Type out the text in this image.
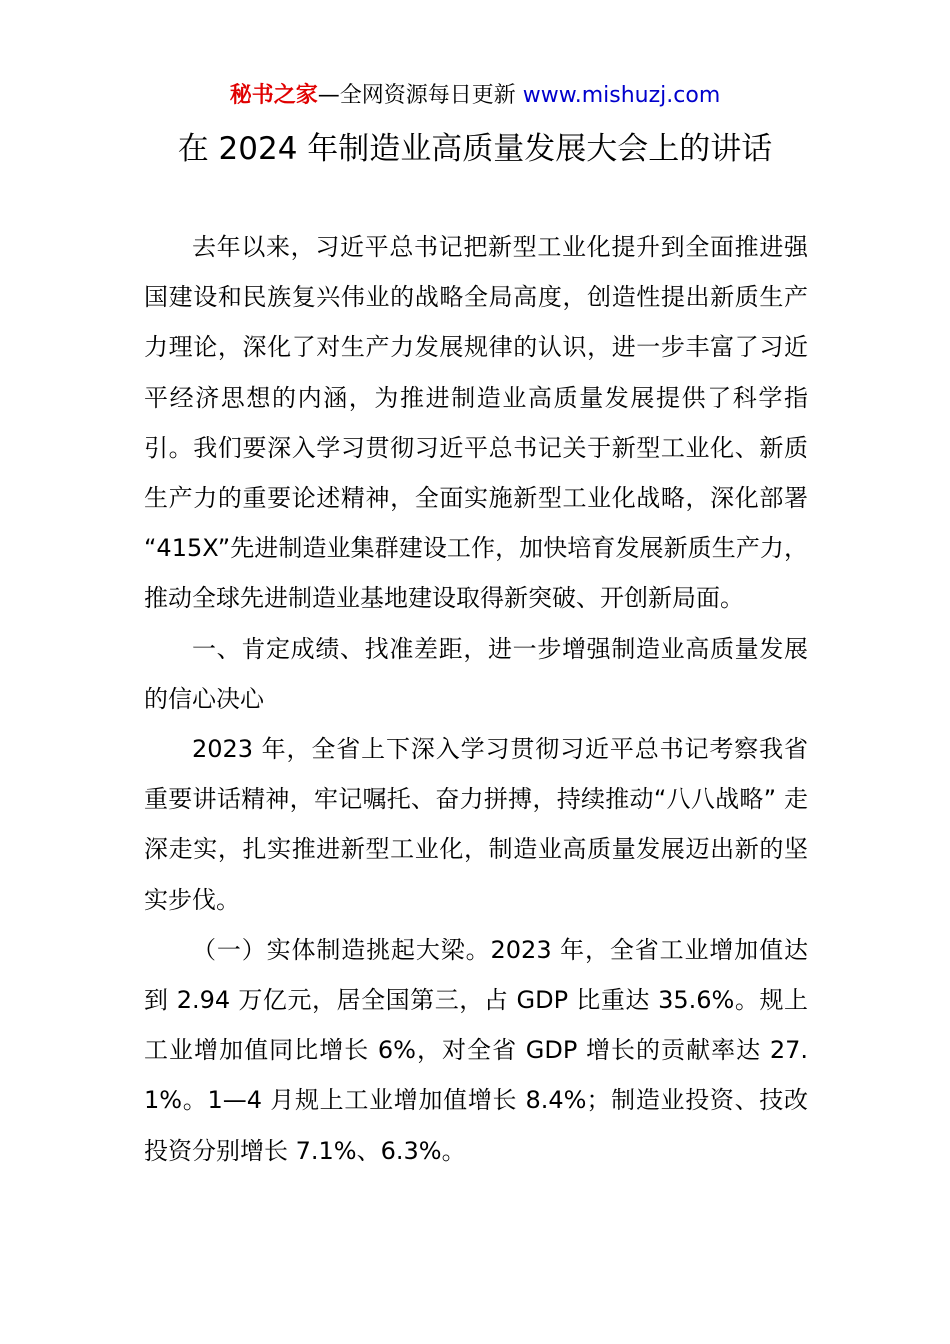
秘书之家—全网资源每日更新 www.mishuzj.com
在 2024 年制造业高质量发展大会上的讲话

去年以来，习近平总书记把新型工业化提升到全面推进强国建设和民族复兴伟业的战略全局高度，创造性提出新质生产力理论，深化了对生产力发展规律的认识，进一步丰富了习近平经济思想的内涵，为推进制造业高质量发展提供了科学指引。我们要深入学习贯彻习近平总书记关于新型工业化、新质生产力的重要论述精神，全面实施新型工业化战略，深化部署 “415X”先进制造业集群建设工作，加快培育发展新质生产力，推动全球先进制造业基地建设取得新突破、开创新局面。

一、肯定成绩、找准差距，进一步增强制造业高质量发展的信心决心

2023 年，全省上下深入学习贯彻习近平总书记考察我省重要讲话精神，牢记嘱托、奋力拼搏，持续推动“八八战略” 走深走实，扎实推进新型工业化，制造业高质量发展迈出新的坚实步伐。

（一）实体制造挑起大梁。2023 年，全省工业增加值达到 2.94 万亿元，居全国第三，占 GDP 比重达 35.6%。规上工业增加值同比增长 6%，对全省 GDP 增长的贡献率达 27.1%。1—4 月规上工业增加值增长 8.4%；制造业投资、技改投资分别增长 7.1%、6.3%。
